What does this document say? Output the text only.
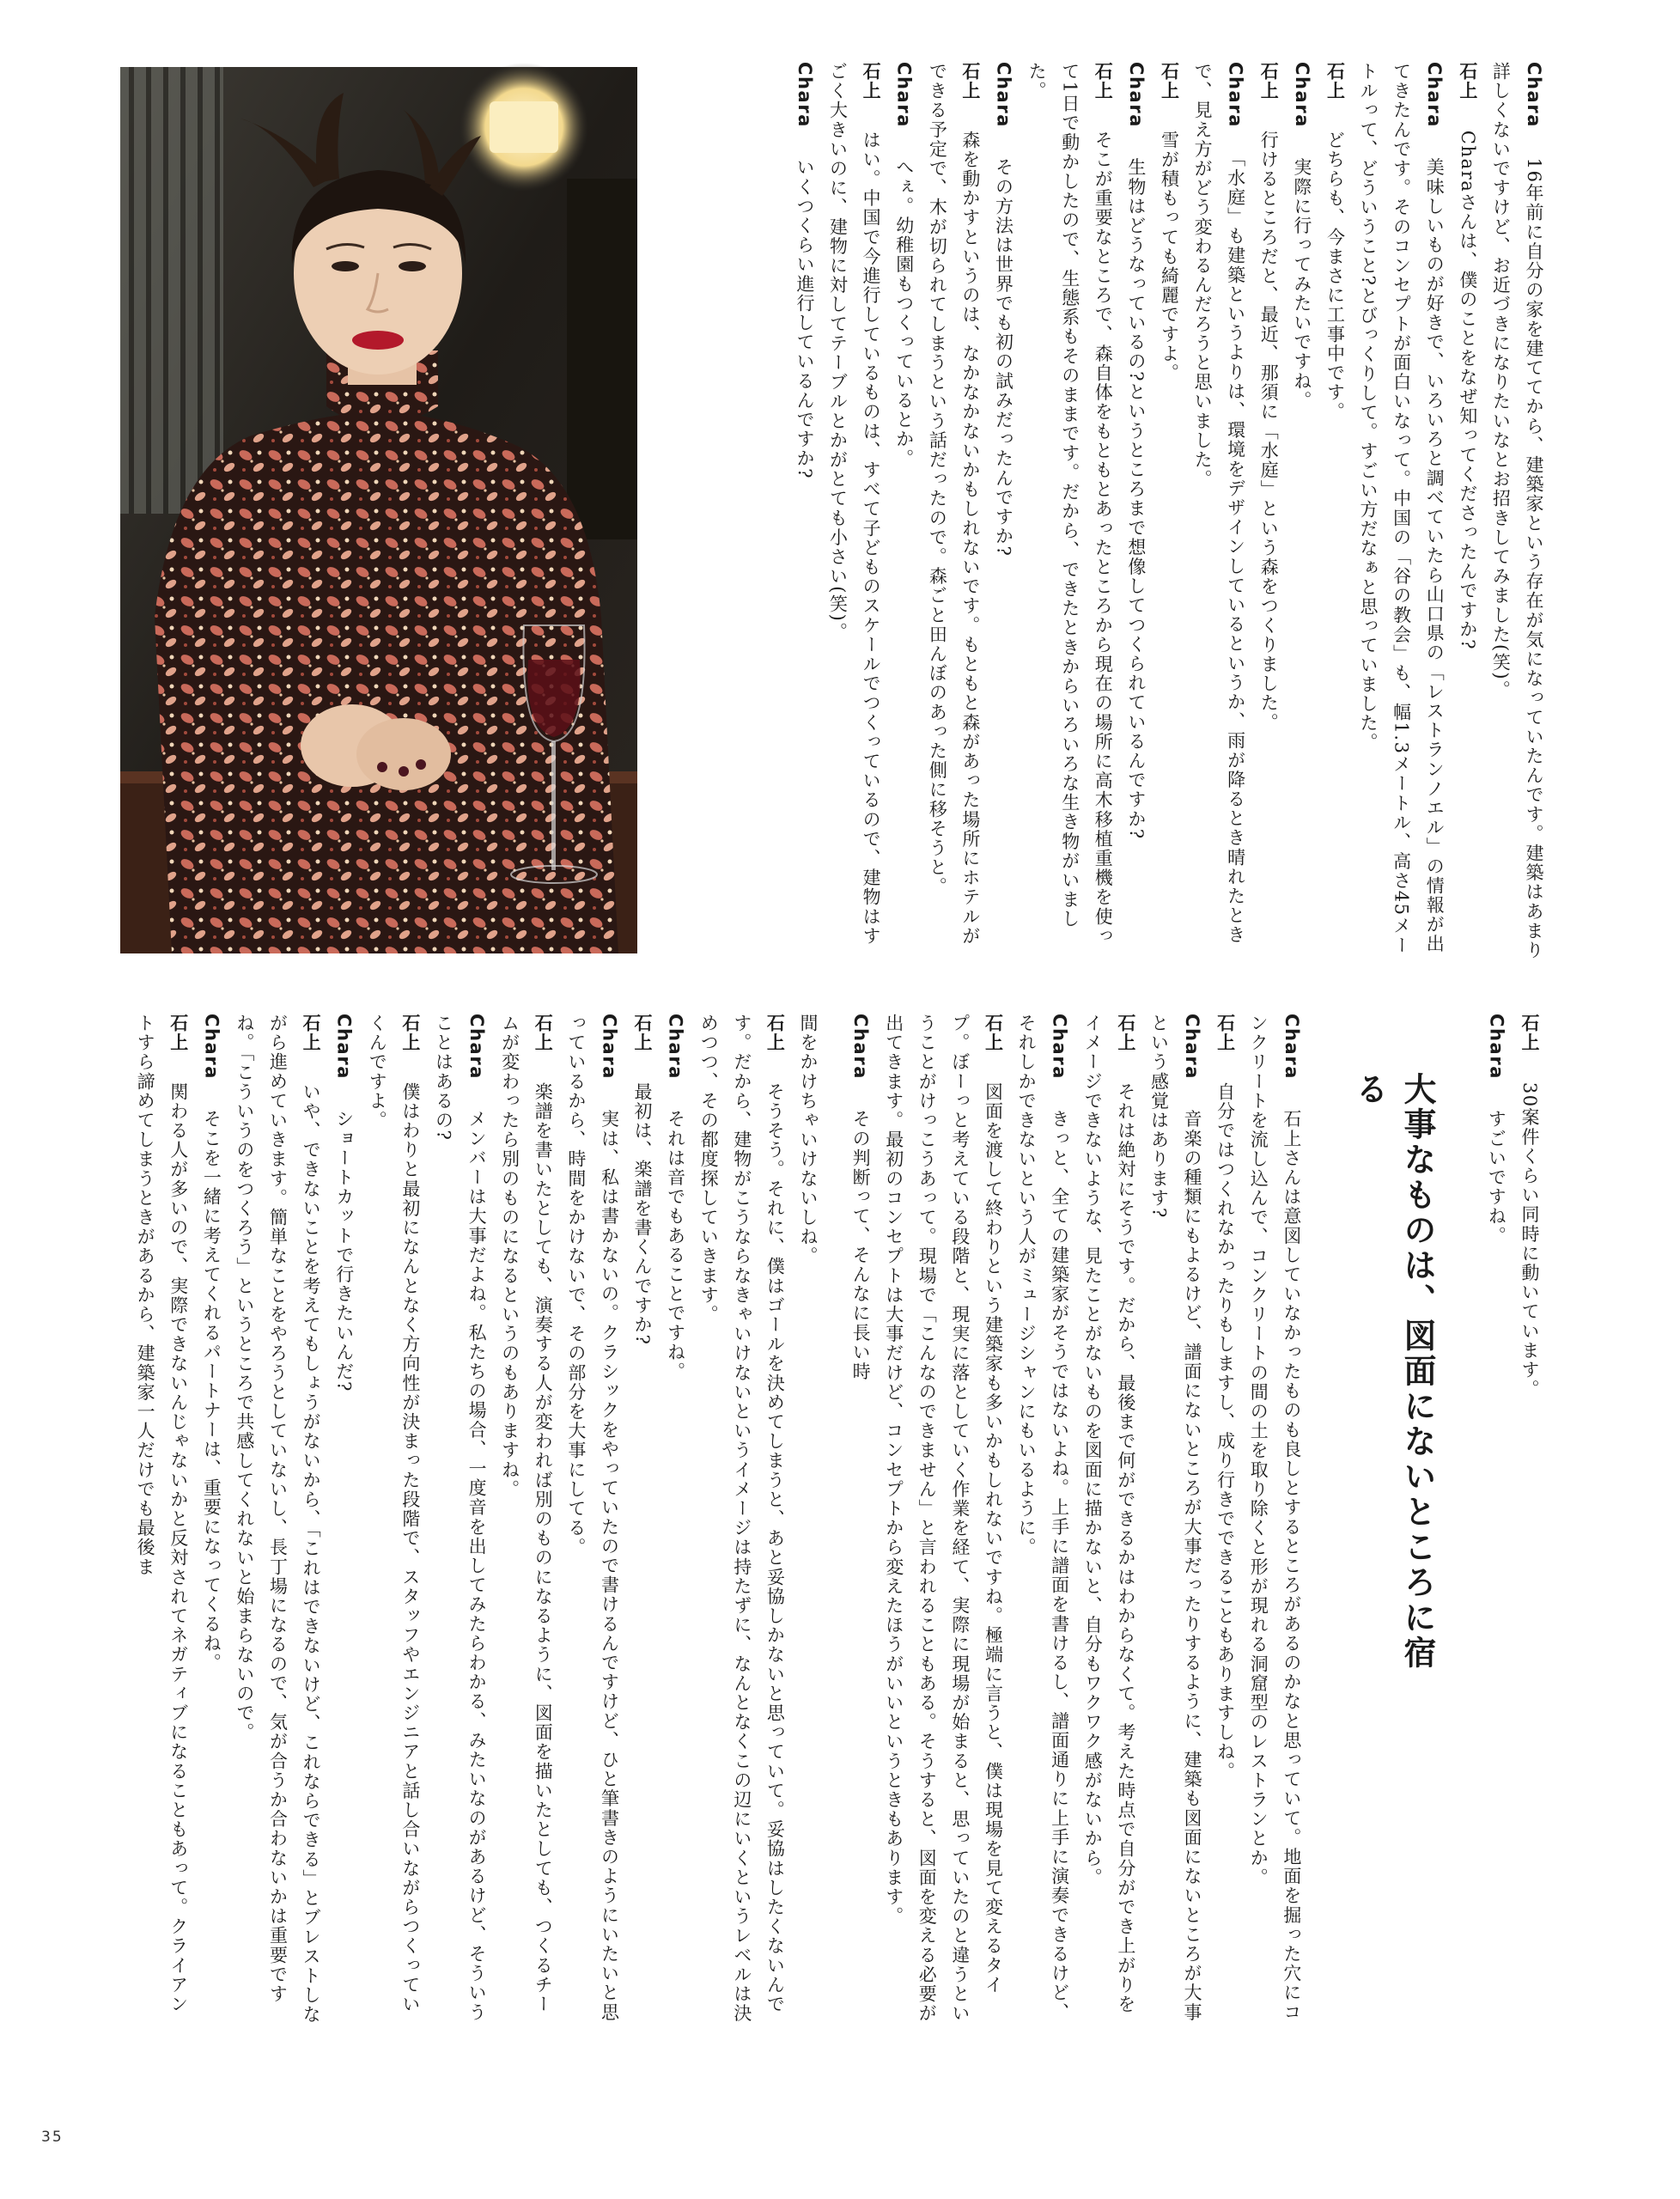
Chara　16年前に自分の家を建ててから、建築家という存在が気になっていたんです。建築はあまり詳しくないですけど、お近づきになりたいなとお招きしてみました(笑)。

石上　Charaさんは、僕のことをなぜ知ってくださったんですか?

Chara　美味しいものが好きで、いろいろと調べていたら山口県の「レストランノエル」の情報が出てきたんです。そのコンセプトが面白いなって。中国の「谷の教会」も、幅1.3メートル、高さ45メートルって、どういうこと?とびっくりして。すごい方だなぁと思っていました。

石上　どちらも、今まさに工事中です。

Chara　実際に行ってみたいですね。

石上　行けるところだと、最近、那須に「水庭」という森をつくりました。

Chara　「水庭」も建築というよりは、環境をデザインしているというか、雨が降るとき晴れたときで、見え方がどう変わるんだろうと思いました。

石上　雪が積もっても綺麗ですよ。

Chara　生物はどうなっているの?というところまで想像してつくられているんですか?

石上　そこが重要なところで、森自体をもともとあったところから現在の場所に高木移植重機を使って1日で動かしたので、生態系もそのままです。だから、できたときからいろいろな生き物がいました。

Chara　その方法は世界でも初の試みだったんですか?

石上　森を動かすというのは、なかなかないかもしれないです。もともと森があった場所にホテルができる予定で、木が切られてしまうという話だったので。森ごと田んぼのあった側に移そうと。

Chara　へぇ。幼稚園もつくっているとか。

石上　はい。中国で今進行しているものは、すべて子どものスケールでつくっているので、建物はすごく大きいのに、建物に対してテーブルとかがとても小さい(笑)。

Chara　いくつくらい進行しているんですか?

大事なものは、図面にないところに宿る

石上　30案件くらい同時に動いています。

Chara　すごいですね。

Chara　石上さんは意図していなかったものも良しとするところがあるのかなと思っていて。地面を掘った穴にコンクリートを流し込んで、コンクリートの間の土を取り除くと形が現れる洞窟型のレストランとか。

石上　自分ではつくれなかったりもしますし、成り行きでできることもありますしね。

Chara　音楽の種類にもよるけど、譜面にないところが大事だったりするように、建築も図面にないところが大事という感覚はあります?

石上　それは絶対にそうです。だから、最後まで何ができるかはわからなくて。考えた時点で自分ができ上がりをイメージできないような、見たことがないものを図面に描かないと、自分もワクワク感がないから。

Chara　きっと、全ての建築家がそうではないよね。上手に譜面を書けるし、譜面通りに上手に演奏できるけど、それしかできないという人がミュージシャンにもいるように。

石上　図面を渡して終わりという建築家も多いかもしれないですね。極端に言うと、僕は現場を見て変えるタイプ。ぼーっと考えている段階と、現実に落としていく作業を経て、実際に現場が始まると、思っていたのと違うということがけっこうあって。現場で「こんなのできません」と言われることもある。そうすると、図面を変える必要が出てきます。最初のコンセプトは大事だけど、コンセプトから変えたほうがいいというときもあります。

Chara　その判断って、そんなに長い時

間をかけちゃいけないしね。

石上　そうそう。それに、僕はゴールを決めてしまうと、あと妥協しかないと思っていて。妥協はしたくないんです。だから、建物がこうならなきゃいけないというイメージは持たずに、なんとなくこの辺にいくというレベルは決めつつ、その都度探していきます。

Chara　それは音でもあることですね。

石上　最初は、楽譜を書くんですか?

Chara　実は、私は書かないの。クラシックをやっていたので書けるんですけど、ひと筆書きのようにいたいと思っているから、時間をかけないで、その部分を大事にしてる。

石上　楽譜を書いたとしても、演奏する人が変われば別のものになるように、図面を描いたとしても、つくるチームが変わったら別のものになるというのもありますね。

Chara　メンバーは大事だよね。私たちの場合、一度音を出してみたらわかる、みたいなのがあるけど、そういうことはあるの?

石上　僕はわりと最初になんとなく方向性が決まった段階で、スタッフやエンジニアと話し合いながらつくっていくんですよ。

Chara　ショートカットで行きたいんだ?

石上　いや、できないことを考えてもしょうがないから、「これはできないけど、これならできる」とブレストしながら進めていきます。簡単なことをやろうとしていないし、長丁場になるので、気が合うか合わないかは重要ですね。「こういうのをつくろう」というところで共感してくれないと始まらないので。

Chara　そこを一緒に考えてくれるパートナーは、重要になってくるね。

石上　関わる人が多いので、実際できないんじゃないかと反対されてネガティブになることもあって。クライアントすら諦めてしまうときがあるから、建築家一人だけでも最後ま

35
